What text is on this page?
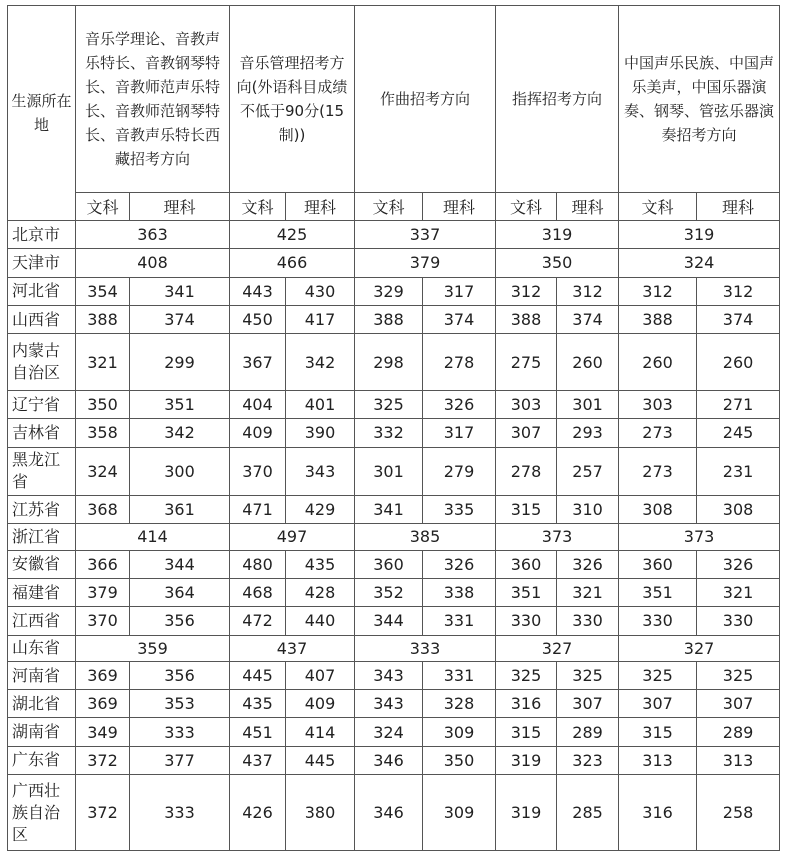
生源所在地	音乐学理论、音教声乐特长、音教钢琴特长、音教师范声乐特长、音教师范钢琴特长、音教声乐特长西藏招考方向		音乐管理招考方向(外语科目成绩不低于90分(15制))		作曲招考方向		指挥招考方向		中国声乐民族、中国声乐美声，中国乐器演奏、钢琴、管弦乐器演奏招考方向	
	文科	理科	文科	理科	文科	理科	文科	理科	文科	理科
北京市	363		425		337		319		319	
天津市	408		466		379		350		324	
河北省	354	341	443	430	329	317	312	312	312	312
山西省	388	374	450	417	388	374	388	374	388	374
内蒙古自治区	321	299	367	342	298	278	275	260	260	260
辽宁省	350	351	404	401	325	326	303	301	303	271
吉林省	358	342	409	390	332	317	307	293	273	245
黑龙江省	324	300	370	343	301	279	278	257	273	231
江苏省	368	361	471	429	341	335	315	310	308	308
浙江省	414		497		385		373		373	
安徽省	366	344	480	435	360	326	360	326	360	326
福建省	379	364	468	428	352	338	351	321	351	321
江西省	370	356	472	440	344	331	330	330	330	330
山东省	359		437		333		327		327	
河南省	369	356	445	407	343	331	325	325	325	325
湖北省	369	353	435	409	343	328	316	307	307	307
湖南省	349	333	451	414	324	309	315	289	315	289
广东省	372	377	437	445	346	350	319	323	313	313
广西壮族自治区	372	333	426	380	346	309	319	285	316	258
